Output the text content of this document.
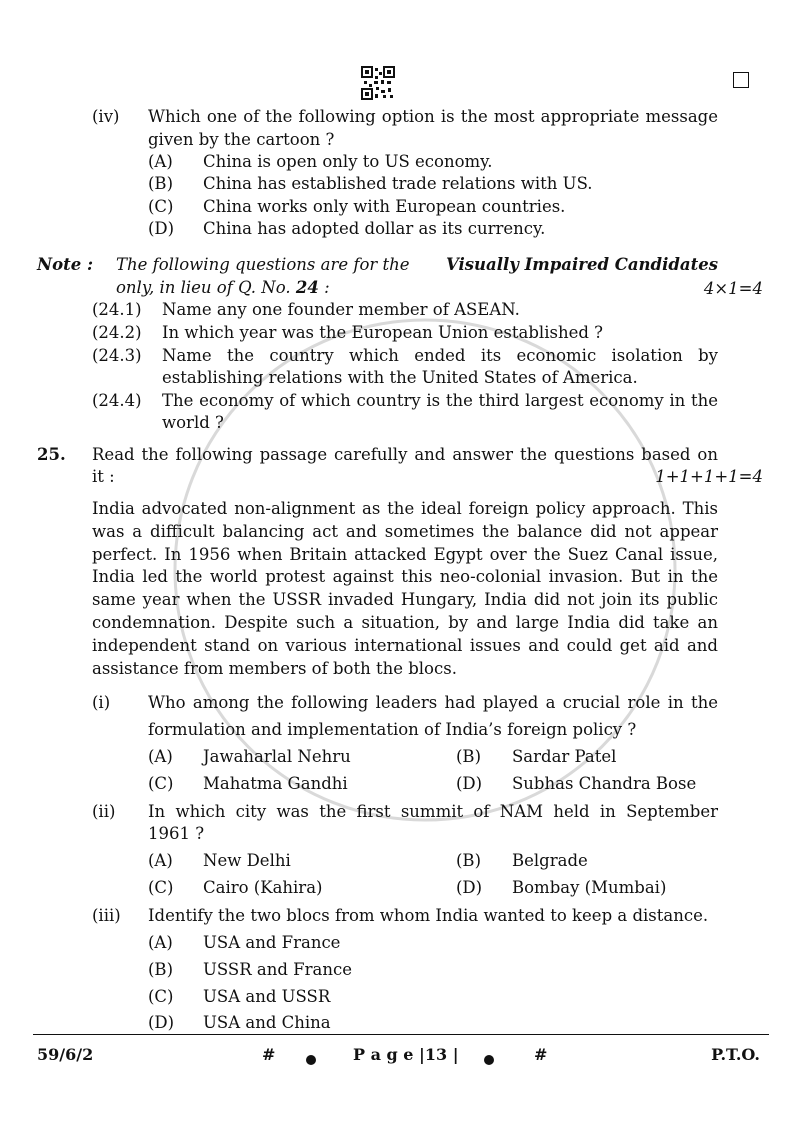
(iv) Which one of the following option is the most appropriate message
given by the cartoon ?
(A) China is open only to US economy.
(B) China has established trade relations with US.
(C) China works only with European countries.
(D) China has adopted dollar as its currency.
Note : The following questions are for the Visually Impaired Candidates
only, in lieu of Q. No. 24 :	4×1=4
(24.1) Name any one founder member of ASEAN.
(24.2) In which year was the European Union established ?
(24.3) Name the country which ended its economic isolation by
establishing relations with the United States of America.
(24.4) The economy of which country is the third largest economy in the
world ?
25. Read the following passage carefully and answer the questions based on
it :	1+1+1+1=4
India advocated non-alignment as the ideal foreign policy approach. This
was a difficult balancing act and sometimes the balance did not appear
perfect. In 1956 when Britain attacked Egypt over the Suez Canal issue,
India led the world protest against this neo-colonial invasion. But in the
same year when the USSR invaded Hungary, India did not join its public
condemnation. Despite such a situation, by and large India did take an
independent stand on various international issues and could get aid and
assistance from members of both the blocs.
(i) Who among the following leaders had played a crucial role in the
formulation and implementation of India’s foreign policy ?
(A) Jawaharlal Nehru	(B) Sardar Patel
(C) Mahatma Gandhi	(D) Subhas Chandra Bose
(ii) In which city was the first summit of NAM held in September
1961 ?
(A) New Delhi	(B) Belgrade
(C) Cairo (Kahira)	(D) Bombay (Mumbai)
(iii) Identify the two blocs from whom India wanted to keep a distance.
(A) USA and France
(B) USSR and France
(C) USA and USSR
(D) USA and China
59/6/2	#	P a g e |13 |	#	P.T.O.
